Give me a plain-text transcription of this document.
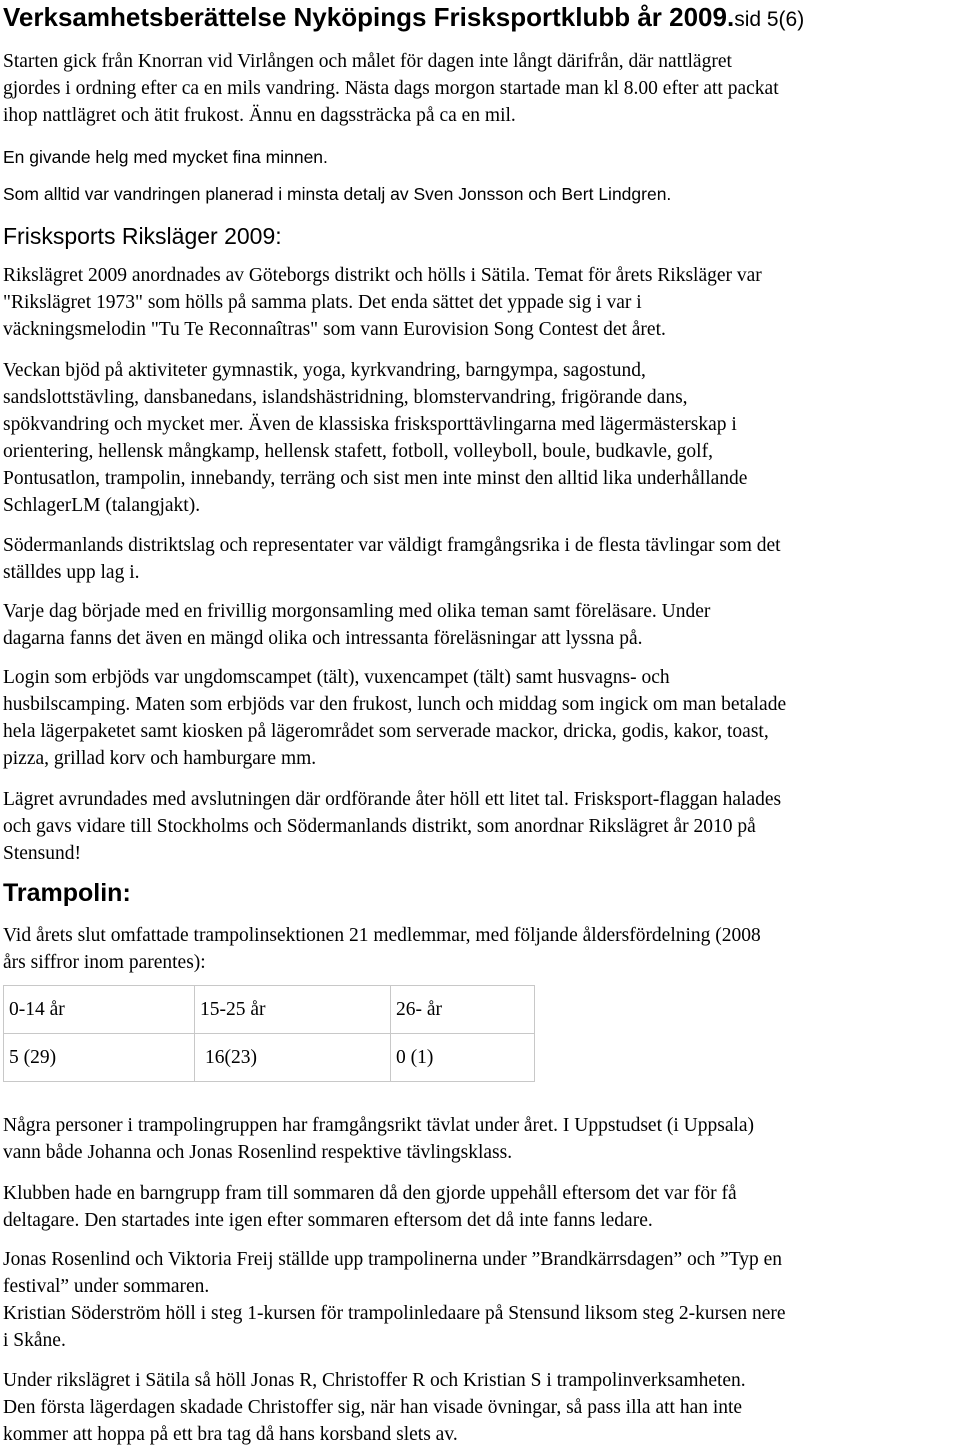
Verksamhetsberättelse Nyköpings Frisksportklubb år 2009.sid 5(6)
Starten gick från Knorran vid Virlången och målet för dagen inte långt därifrån, där nattlägret
gjordes i ordning efter ca en mils vandring. Nästa dags morgon startade man kl 8.00 efter att packat
ihop nattlägret och ätit frukost. Ännu en dagssträcka på ca en mil.
En givande helg med mycket fina minnen.
Som alltid var vandringen planerad i minsta detalj av Sven Jonsson och Bert Lindgren.
Frisksports Riksläger 2009:
Rikslägret 2009 anordnades av Göteborgs distrikt och hölls i Sätila. Temat för årets Riksläger var
"Rikslägret 1973" som hölls på samma plats. Det enda sättet det yppade sig i var i
väckningsmelodin "Tu Te Reconnaîtras" som vann Eurovision Song Contest det året.
Veckan bjöd på aktiviteter gymnastik, yoga, kyrkvandring, barngympa, sagostund,
sandslottstävling, dansbanedans, islandshästridning, blomstervandring, frigörande dans,
spökvandring och mycket mer. Även de klassiska frisksporttävlingarna med lägermästerskap i
orientering, hellensk mångkamp, hellensk stafett, fotboll, volleyboll, boule, budkavle, golf,
Pontusatlon, trampolin, innebandy, terräng och sist men inte minst den alltid lika underhållande
SchlagerLM (talangjakt).
Södermanlands distriktslag och representater var väldigt framgångsrika i de flesta tävlingar som det
ställdes upp lag i.
Varje dag började med en frivillig morgonsamling med olika teman samt föreläsare. Under
dagarna fanns det även en mängd olika och intressanta föreläsningar att lyssna på.
Login som erbjöds var ungdomscampet (tält), vuxencampet (tält) samt husvagns- och
husbilscamping. Maten som erbjöds var den frukost, lunch och middag som ingick om man betalade
hela lägerpaketet samt kiosken på lägerområdet som serverade mackor, dricka, godis, kakor, toast,
pizza, grillad korv och hamburgare mm.
Lägret avrundades med avslutningen där ordförande åter höll ett litet tal. Frisksport-flaggan halades
och gavs vidare till Stockholms och Södermanlands distrikt, som anordnar Rikslägret år 2010 på
Stensund!
Trampolin:
Vid årets slut omfattade trampolinsektionen 21 medlemmar, med följande åldersfördelning (2008
års siffror inom parentes):
0-14 år	15-25 år	26- år
5 (29)	16(23)	0 (1)
Några personer i trampolingruppen har framgångsrikt tävlat under året. I Uppstudset (i Uppsala)
vann både Johanna och Jonas Rosenlind respektive tävlingsklass.
Klubben hade en barngrupp fram till sommaren då den gjorde uppehåll eftersom det var för få
deltagare. Den startades inte igen efter sommaren eftersom det då inte fanns ledare.
Jonas Rosenlind och Viktoria Freij ställde upp trampolinerna under ”Brandkärrsdagen” och ”Typ en
festival” under sommaren.
Kristian Söderström höll i steg 1-kursen för trampolinledaare på Stensund liksom steg 2-kursen nere
i Skåne.
Under rikslägret i Sätila så höll Jonas R, Christoffer R och Kristian S i trampolinverksamheten.
Den första lägerdagen skadade Christoffer sig, när han visade övningar, så pass illa att han inte
kommer att hoppa på ett bra tag då hans korsband slets av.
